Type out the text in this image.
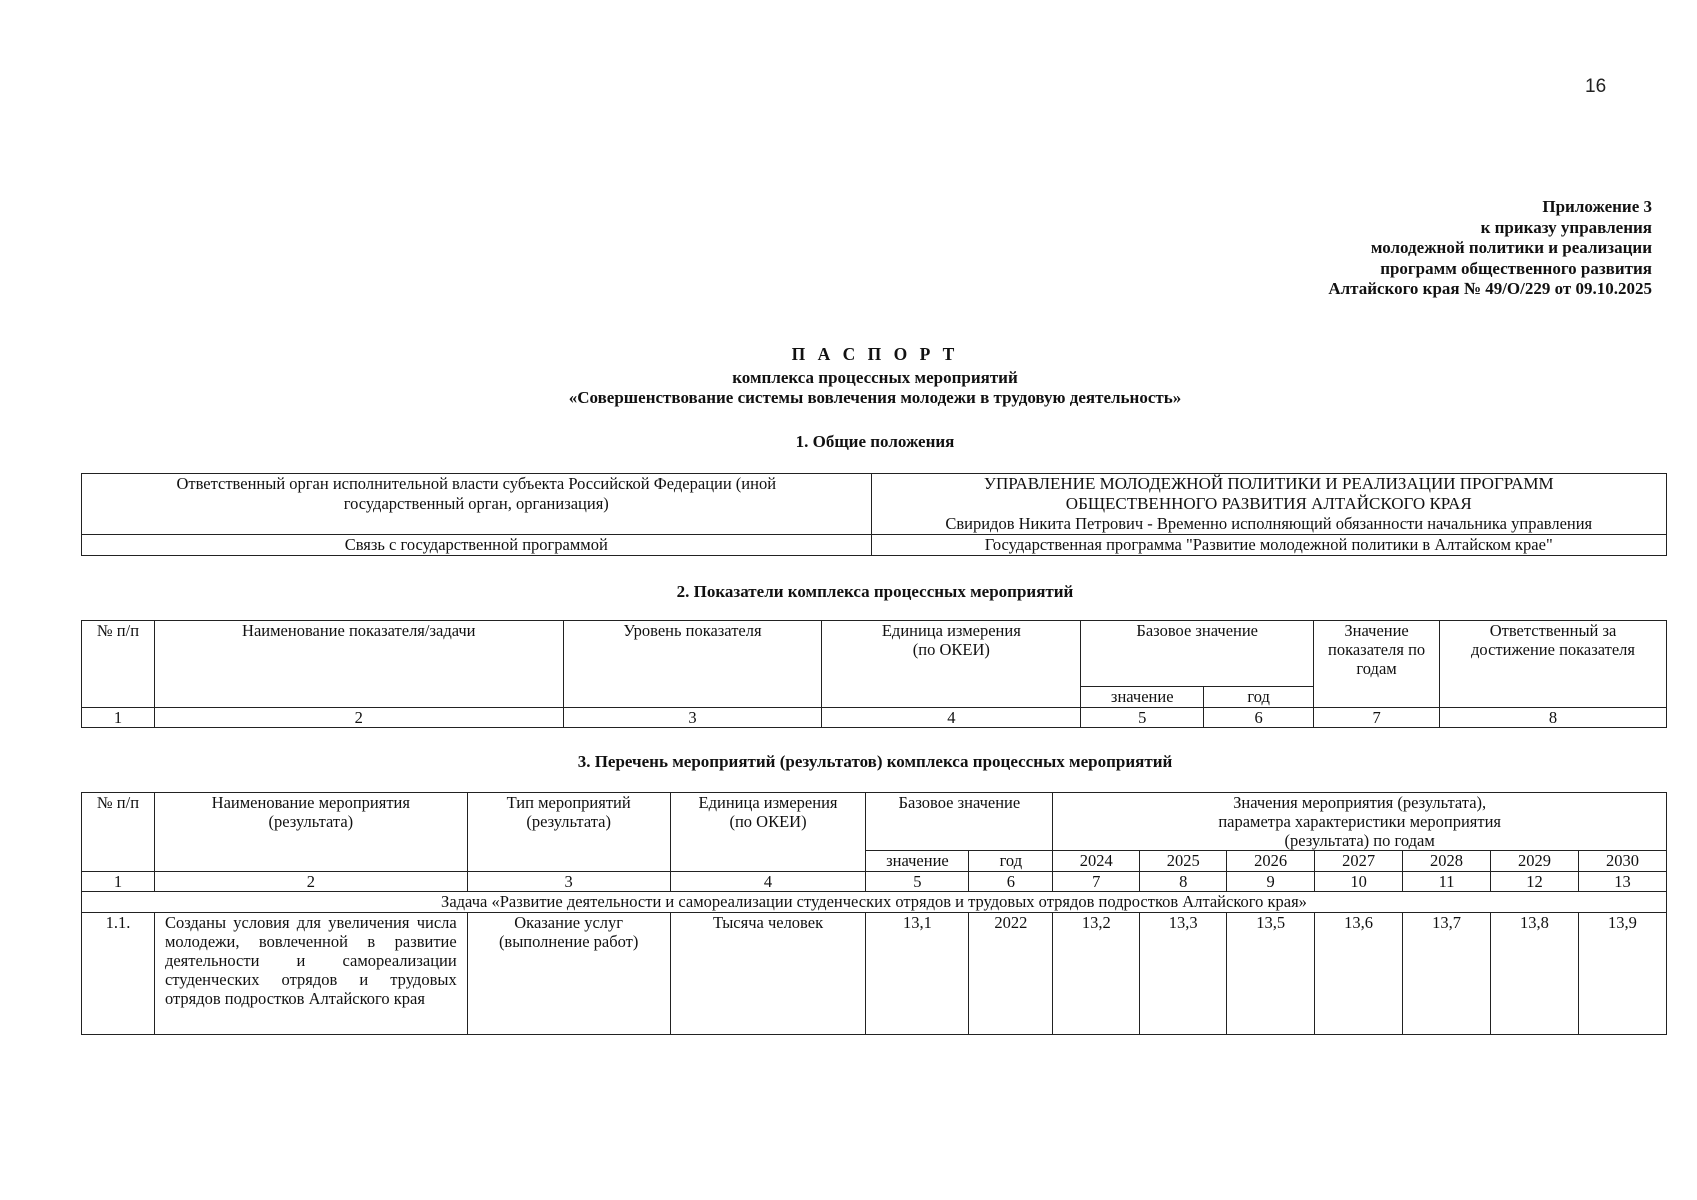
16
Приложение 3
к приказу управления
молодежной политики и реализации
программ общественного развития
Алтайского края № 49/О/229 от 09.10.2025
П А С П О Р Т
комплекса процессных мероприятий
«Совершенствование системы вовлечения молодежи в трудовую деятельность»
1. Общие положения
Ответственный орган исполнительной власти субъекта Российской Федерации (иной государственный орган, организация)	УПРАВЛЕНИЕ МОЛОДЕЖНОЙ ПОЛИТИКИ И РЕАЛИЗАЦИИ ПРОГРАММ
ОБЩЕСТВЕННОГО РАЗВИТИЯ АЛТАЙСКОГО КРАЯ
Свиридов Никита Петрович - Временно исполняющий обязанности начальника управления

Связь с государственной программой	Государственная программа "Развитие молодежной политики в Алтайском крае"
2. Показатели комплекса процессных мероприятий
№ п/п	Наименование показателя/задачи	Уровень показателя	Единица измерения (по ОКЕИ)	Базовое значение		Значение показателя по годам	Ответственный за достижение показателя
				значение	год		
1	2	3	4	5	6	7	8
3. Перечень мероприятий (результатов) комплекса процессных мероприятий
№ п/п	Наименование мероприятия (результата)	Тип мероприятий (результата)	Единица измерения (по ОКЕИ)	Базовое значение		Значения мероприятия (результата), параметра характеристики мероприятия (результата) по годам						
				значение	год	2024	2025	2026	2027	2028	2029	2030
1	2	3	4	5	6	7	8	9	10	11	12	13
Задача «Развитие деятельности и самореализации студенческих отрядов и трудовых отрядов подростков Алтайского края»												
1.1.	Созданы условия для увеличения числа молодежи, вовлеченной в развитие деятельности и самореализации студенческих отрядов и трудовых отрядов подростков Алтайского края	Оказание услуг (выполнение работ)	Тысяча человек	13,1	2022	13,2	13,3	13,5	13,6	13,7	13,8	13,9
